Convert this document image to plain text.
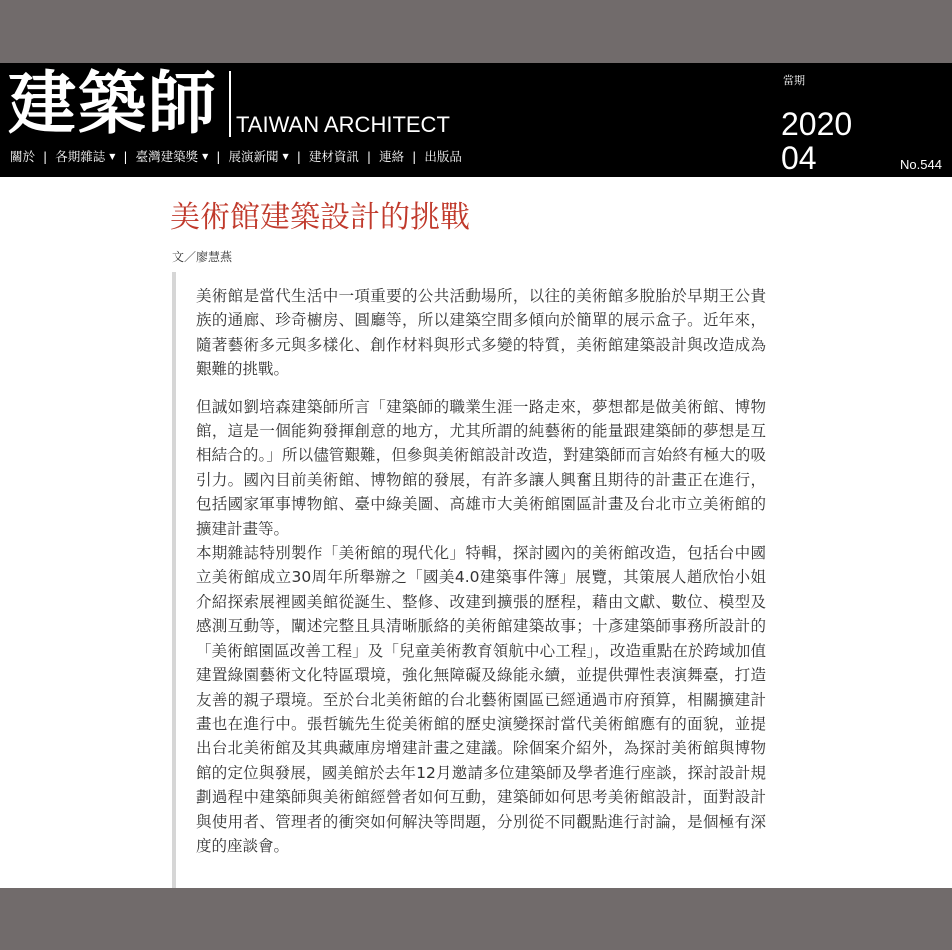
建築師 TAIWAN ARCHITECT
關於 | 各期雜誌 ▼ | 臺灣建築獎 ▼ | 展演新聞 ▼ | 建材資訊 | 連絡 | 出版品
當期
2020
04	No.544
美術館建築設計的挑戰
文／廖慧燕

美術館是當代生活中一項重要的公共活動場所，以往的美術館多脫胎於早期王公貴族的通廊、珍奇櫥房、圓廳等，所以建築空間多傾向於簡單的展示盒子。近年來，隨著藝術多元與多樣化、創作材料與形式多變的特質，美術館建築設計與改造成為艱難的挑戰。

但誠如劉培森建築師所言「建築師的職業生涯一路走來，夢想都是做美術館、博物館，這是一個能夠發揮創意的地方，尤其所謂的純藝術的能量跟建築師的夢想是互相結合的。」所以儘管艱難，但參與美術館設計改造，對建築師而言始終有極大的吸引力。國內目前美術館、博物館的發展，有許多讓人興奮且期待的計畫正在進行，包括國家軍事博物館、臺中綠美圖、高雄市大美術館園區計畫及台北市立美術館的擴建計畫等。

本期雜誌特別製作「美術館的現代化」特輯，探討國內的美術館改造，包括台中國立美術館成立30周年所舉辦之「國美4.0建築事件簿」展覽，其策展人趙欣怡小姐介紹探索展裡國美館從誕生、整修、改建到擴張的歷程，藉由文獻、數位、模型及感測互動等，闡述完整且具清晰脈絡的美術館建築故事；十彥建築師事務所設計的「美術館園區改善工程」及「兒童美術教育領航中心工程」，改造重點在於跨域加值建置綠園藝術文化特區環境，強化無障礙及綠能永續，並提供彈性表演舞臺，打造友善的親子環境。至於台北美術館的台北藝術園區已經通過市府預算，相關擴建計畫也在進行中。張哲毓先生從美術館的歷史演變探討當代美術館應有的面貌，並提出台北美術館及其典藏庫房增建計畫之建議。除個案介紹外，為探討美術館與博物館的定位與發展，國美館於去年12月邀請多位建築師及學者進行座談，探討設計規劃過程中建築師與美術館經營者如何互動，建築師如何思考美術館設計，面對設計與使用者、管理者的衝突如何解決等問題，分別從不同觀點進行討論，是個極有深度的座談會。
